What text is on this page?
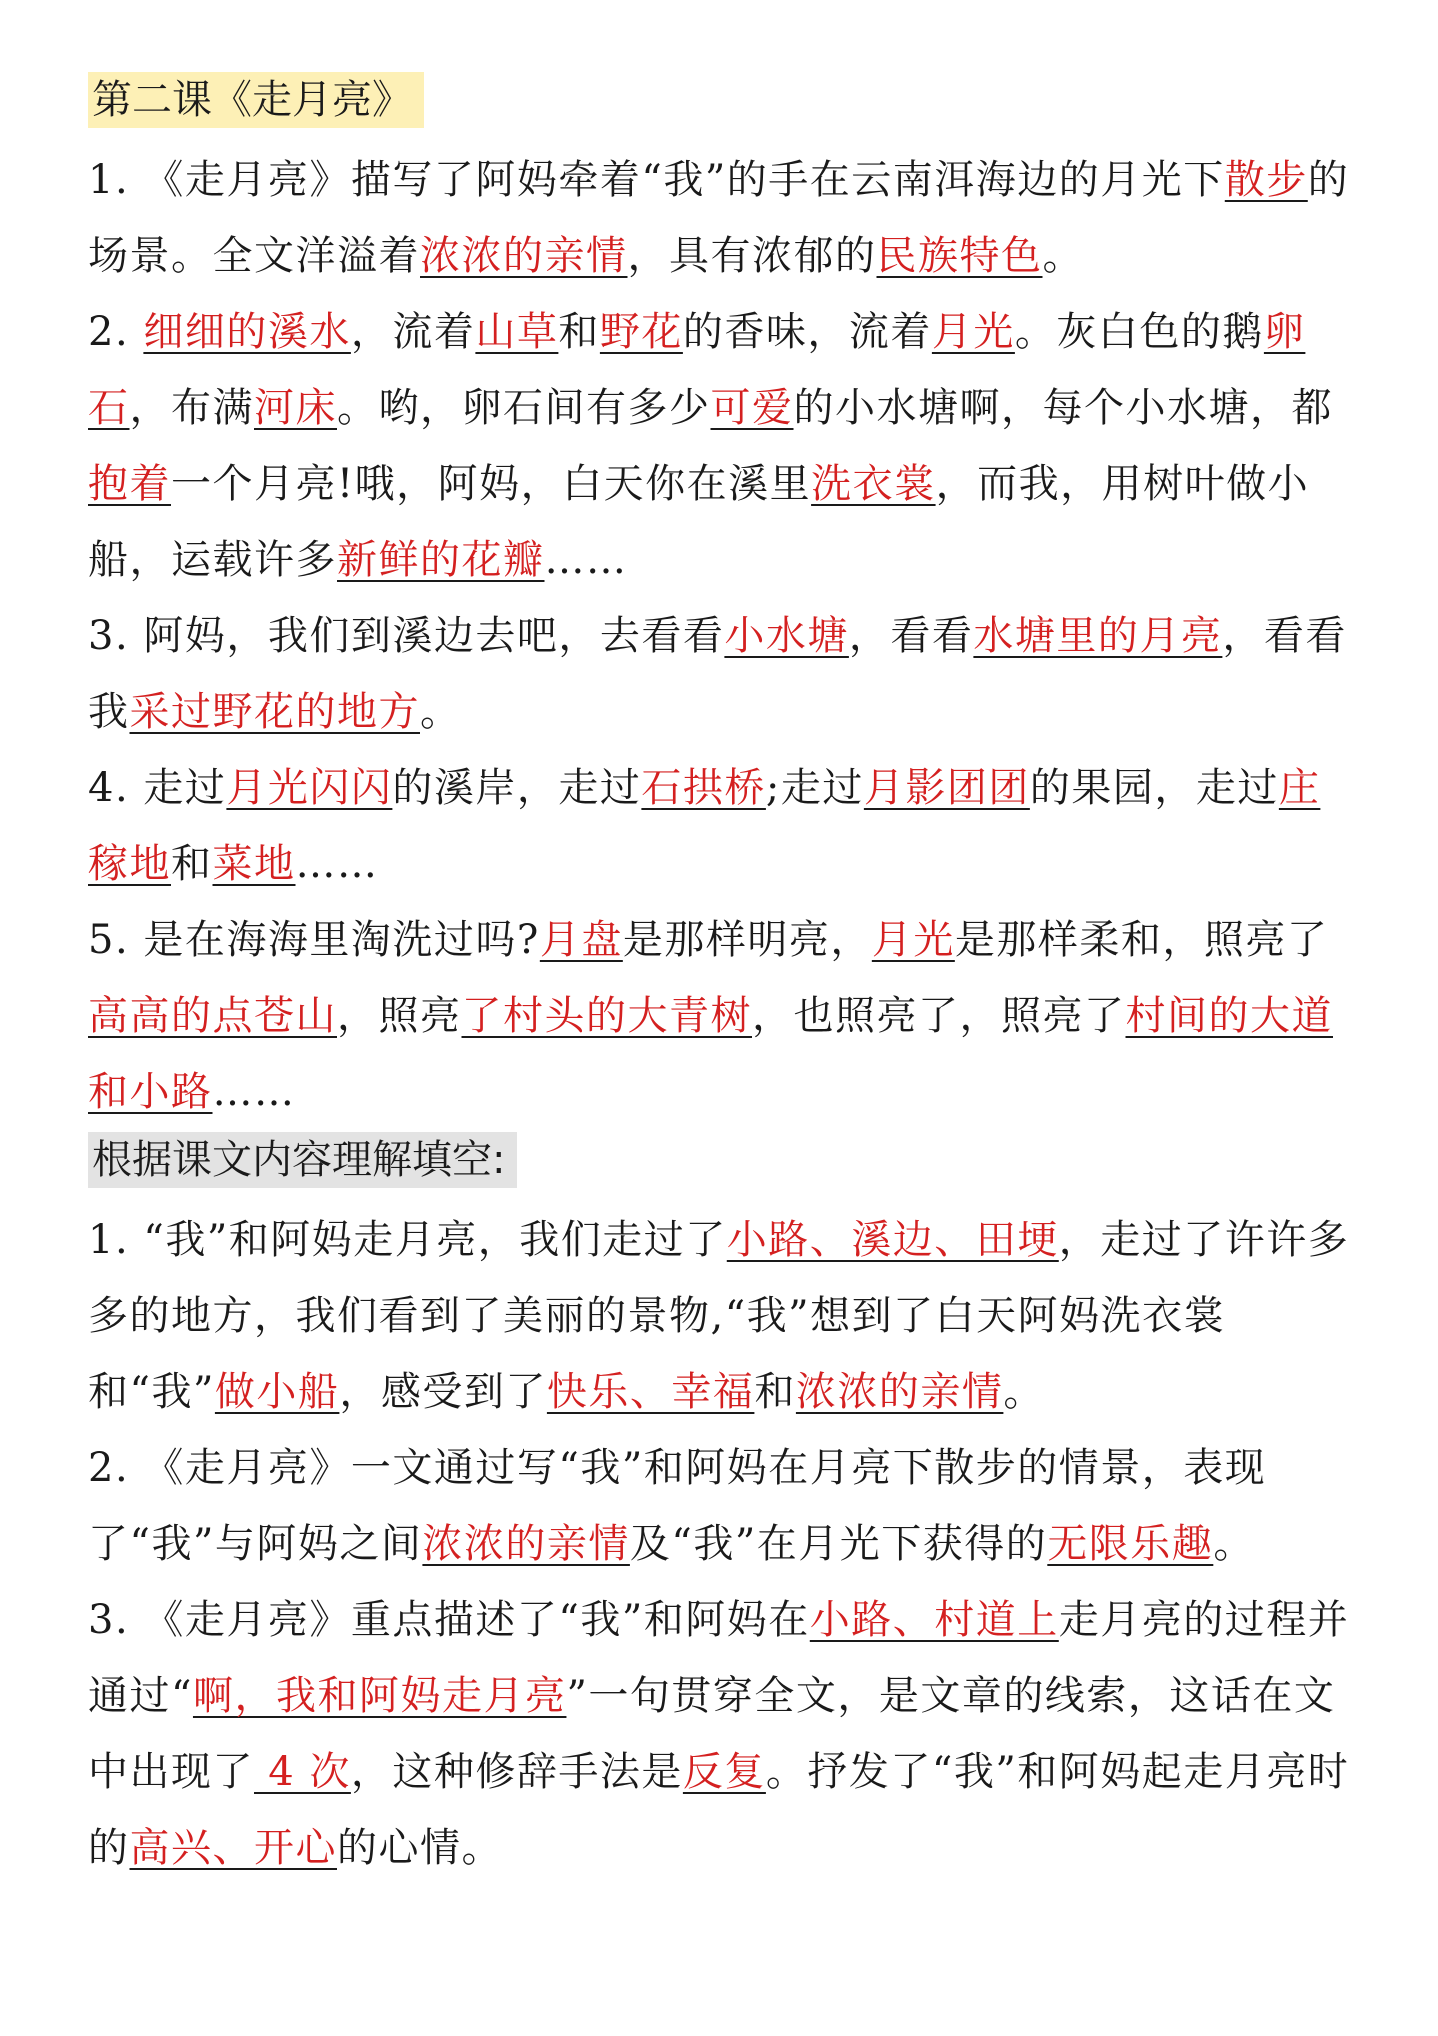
第二课《走月亮》

1. 《走月亮》描写了阿妈牵着“我”的手在云南洱海边的月光下散步的场景。全文洋溢着浓浓的亲情，具有浓郁的民族特色。

2. 细细的溪水，流着山草和野花的香味，流着月光。灰白色的鹅卵石，布满河床。哟，卵石间有多少可爱的小水塘啊，每个小水塘，都抱着一个月亮!哦，阿妈，白天你在溪里洗衣裳，而我，用树叶做小船，运载许多新鲜的花瓣……

3. 阿妈，我们到溪边去吧，去看看小水塘，看看水塘里的月亮，看看我采过野花的地方。

4. 走过月光闪闪的溪岸，走过石拱桥;走过月影团团的果园，走过庄稼地和菜地……

5. 是在海海里淘洗过吗?月盘是那样明亮，月光是那样柔和，照亮了高高的点苍山，照亮了村头的大青树，也照亮了，照亮了村间的大道和小路……

根据课文内容理解填空:

1. “我”和阿妈走月亮，我们走过了小路、溪边、田埂，走过了许许多多的地方，我们看到了美丽的景物,“我”想到了白天阿妈洗衣裳和“我”做小船，感受到了快乐、幸福和浓浓的亲情。

2. 《走月亮》一文通过写“我”和阿妈在月亮下散步的情景，表现了“我”与阿妈之间浓浓的亲情及“我”在月光下获得的无限乐趣。

3. 《走月亮》重点描述了“我”和阿妈在小路、村道上走月亮的过程并通过“啊，我和阿妈走月亮”一句贯穿全文，是文章的线索，这话在文中出现了 4 次，这种修辞手法是反复。抒发了“我”和阿妈起走月亮时的高兴、开心的心情。
